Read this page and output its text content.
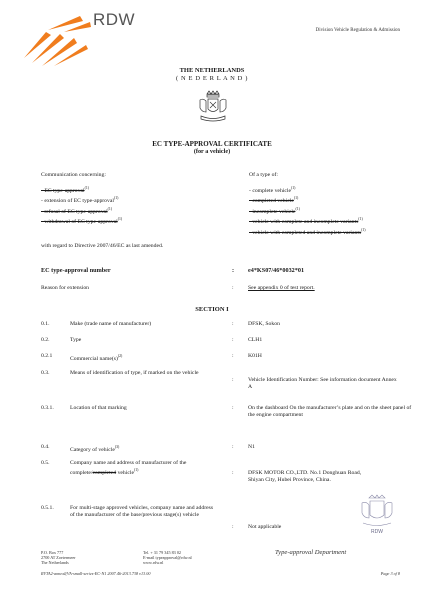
RDW
Division Vehicle Regulation & Admission
THE NETHERLANDS
( N E D E R L A N D )
EC TYPE-APPROVAL CERTIFICATE
(for a vehicle)
Communication concerning:
- EC type-approval$^{(1)}$
- extension of EC type-approval$^{(1)}$
- refusal of EC type-approval$^{(1)}$
- withdrawal of EC type-approval$^{(1)}$
Of a type of:
- complete vehicle$^{(1)}$
- completed vehicle$^{(1)}$
- incomplete vehicle$^{(1)}$
- vehicle with complete and incomplete variants$^{(1)}$
- vehicle with completed and incomplete variants$^{(1)}$
with regard to Directive 2007/46/EC as last amended.
EC type-approval number	: e4*KS07/46*0032*01
Reason for extension	:	See appendix 0 of test report.
SECTION I
0.1.	Make (trade name of manufacturer)	:	DFSK, Sokon
0.2.	Type	:	CLH1
0.2.1	Commercial $name(s)^{(2)}$	:	K01H
0.3.	Means of identification of type, if marked on the vehicle
:	Vehicle Identification Number: See information document Annex A
0.3.1.	Location of that marking	:	On the dashboard On the manufacturer’s plate and on the sheet panel of the engine compartment
0.4.	Category of vehicle$^{(3)}$	:	N1
0.5.	Company name and address of manufacturer of the complete/completed vehicle$^{(1)}$	:	DFSK MOTOR CO.,LTD. No.1 Donghuan Road, Shiyan City, Hubei Province, China.
0.5.1.	For multi-stage approved vehicles, company name and address of the manufacturer of the base/previous stage(s) vehicle
:	Not applicable
RDW
P.O. Box 777
2700 AT Zoetermeer
The Netherlands
Tel. + 31 79 345 83 02
E-mail typeapproval@rdw.nl
www.rdw.nl
Type-approval Department
RVTA2-annexI(VA-small-series-EC-N1 2007.46-2013.738 v13.00	Page 3 of 8
